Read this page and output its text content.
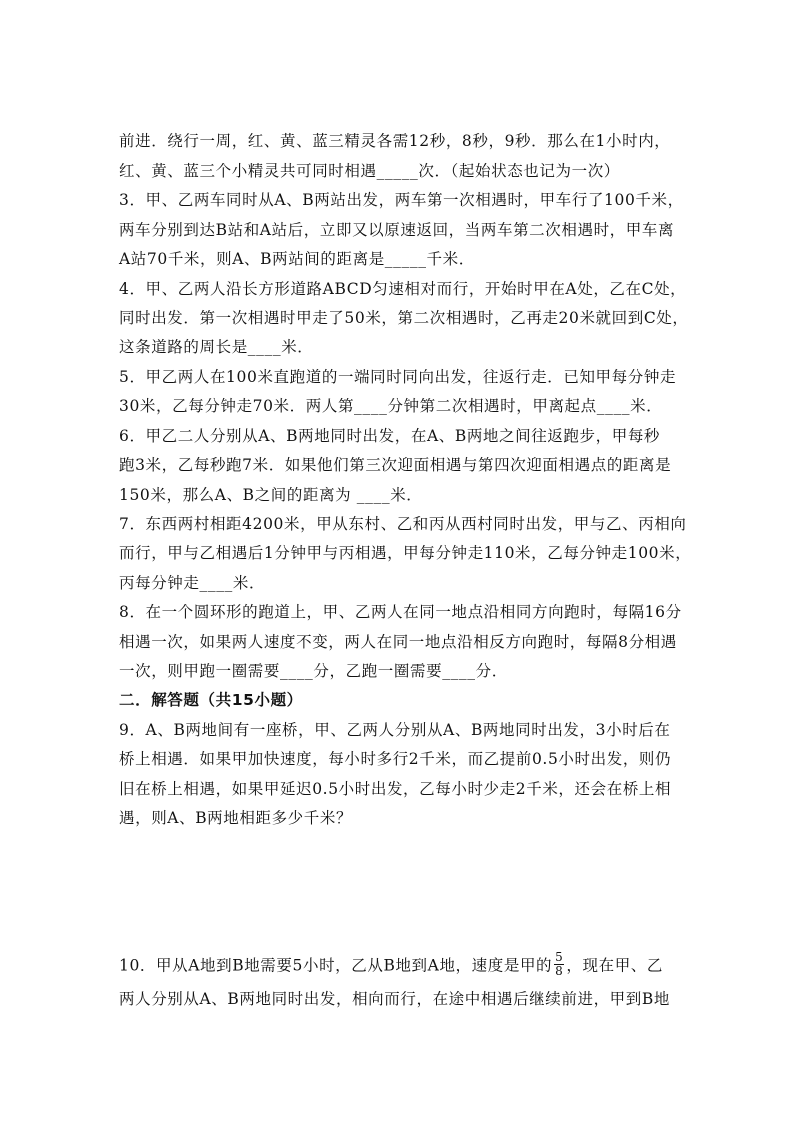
前进．绕行一周，红、黄、蓝三精灵各需12秒，8秒，9秒．那么在1小时内，
红、黄、蓝三个小精灵共可同时相遇_____次．（起始状态也记为一次）
3．甲、乙两车同时从A、B两站出发，两车第一次相遇时，甲车行了100千米，
两车分别到达B站和A站后，立即又以原速返回，当两车第二次相遇时，甲车离
A站70千米，则A、B两站间的距离是_____千米．
4．甲、乙两人沿长方形道路ABCD匀速相对而行，开始时甲在A处，乙在C处，
同时出发．第一次相遇时甲走了50米，第二次相遇时，乙再走20米就回到C处，
这条道路的周长是____米．
5．甲乙两人在100米直跑道的一端同时同向出发，往返行走．已知甲每分钟走
30米，乙每分钟走70米．两人第____分钟第二次相遇时，甲离起点____米．
6．甲乙二人分别从A、B两地同时出发，在A、B两地之间往返跑步，甲每秒
跑3米，乙每秒跑7米．如果他们第三次迎面相遇与第四次迎面相遇点的距离是
150米，那么A、B之间的距离为 ____米．
7．东西两村相距4200米，甲从东村、乙和丙从西村同时出发，甲与乙、丙相向
而行，甲与乙相遇后1分钟甲与丙相遇，甲每分钟走110米，乙每分钟走100米，
丙每分钟走____米．
8．在一个圆环形的跑道上，甲、乙两人在同一地点沿相同方向跑时，每隔16分
相遇一次，如果两人速度不变，两人在同一地点沿相反方向跑时，每隔8分相遇
一次，则甲跑一圈需要____分，乙跑一圈需要____分．
二．解答题（共15小题）
9．A、B两地间有一座桥，甲、乙两人分别从A、B两地同时出发，3小时后在
桥上相遇．如果甲加快速度，每小时多行2千米，而乙提前0.5小时出发，则仍
旧在桥上相遇，如果甲延迟0.5小时出发，乙每小时少走2千米，还会在桥上相
遇，则A、B两地相距多少千米？
10．甲从A地到B地需要5小时，乙从B地到A地，速度是甲的 $\frac{5}{8}$ ，现在甲、乙
两人分别从A、B两地同时出发，相向而行，在途中相遇后继续前进，甲到B地
